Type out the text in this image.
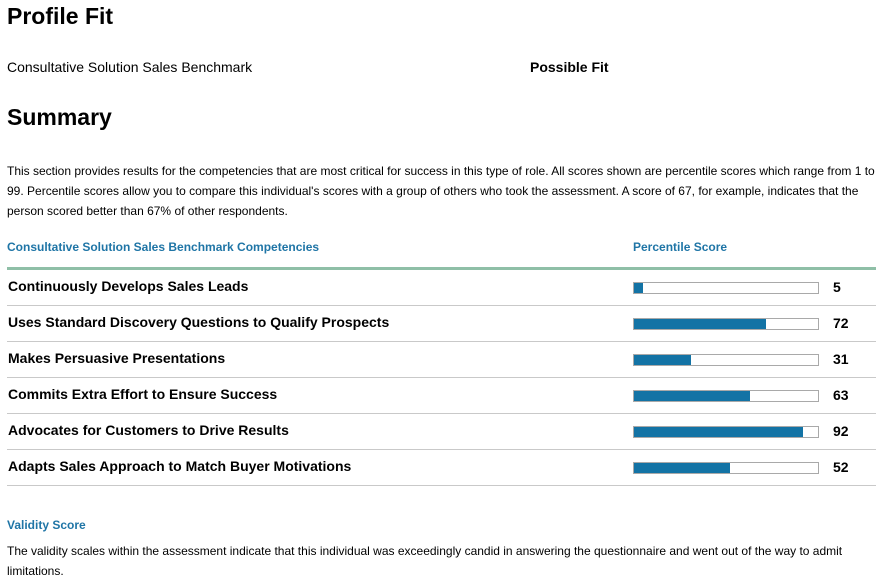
Profile Fit
Consultative Solution Sales Benchmark	Possible Fit
Summary

This section provides results for the competencies that are most critical for success in this type of role. All scores shown are percentile scores which range from 1 to 99. Percentile scores allow you to compare this individual's scores with a group of others who took the assessment. A score of 67, for example, indicates that the person scored better than 67% of other respondents.

Consultative Solution Sales Benchmark Competencies	Percentile Score
Continuously Develops Sales Leads	5
Uses Standard Discovery Questions to Qualify Prospects	72
Makes Persuasive Presentations	31
Commits Extra Effort to Ensure Success	63
Advocates for Customers to Drive Results	92
Adapts Sales Approach to Match Buyer Motivations	52
Validity Score

The validity scales within the assessment indicate that this individual was exceedingly candid in answering the questionnaire and went out of the way to admit limitations.
